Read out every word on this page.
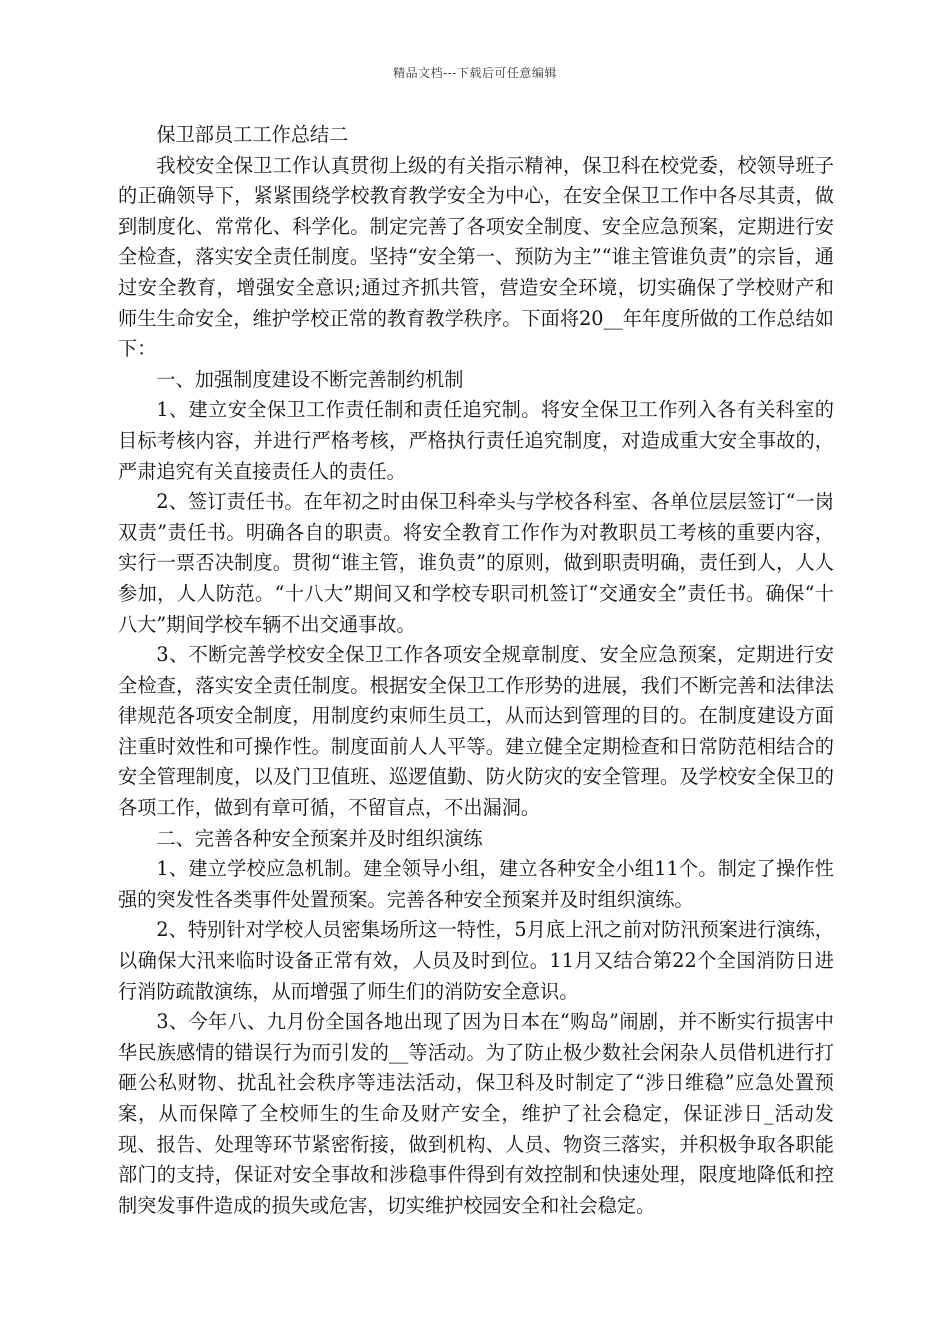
精品文档---下载后可任意编辑

保卫部员工工作总结二

我校安全保卫工作认真贯彻上级的有关指示精神，保卫科在校党委，校领导班子的正确领导下，紧紧围绕学校教育教学安全为中心，在安全保卫工作中各尽其责，做到制度化、常常化、科学化。制定完善了各项安全制度、安全应急预案，定期进行安全检查，落实安全责任制度。坚持“安全第一、预防为主”“谁主管谁负责”的宗旨，通过安全教育，增强安全意识;通过齐抓共管，营造安全环境，切实确保了学校财产和师生生命安全，维护学校正常的教育教学秩序。下面将20__年年度所做的工作总结如下：

一、加强制度建设不断完善制约机制

1、建立安全保卫工作责任制和责任追究制。将安全保卫工作列入各有关科室的目标考核内容，并进行严格考核，严格执行责任追究制度，对造成重大安全事故的，严肃追究有关直接责任人的责任。

2、签订责任书。在年初之时由保卫科牵头与学校各科室、各单位层层签订“一岗双责”责任书。明确各自的职责。将安全教育工作作为对教职员工考核的重要内容，实行一票否决制度。贯彻“谁主管，谁负责”的原则，做到职责明确，责任到人，人人参加，人人防范。“十八大”期间又和学校专职司机签订“交通安全”责任书。确保“十八大”期间学校车辆不出交通事故。

3、不断完善学校安全保卫工作各项安全规章制度、安全应急预案，定期进行安全检查，落实安全责任制度。根据安全保卫工作形势的进展，我们不断完善和法律法律规范各项安全制度，用制度约束师生员工，从而达到管理的目的。在制度建设方面注重时效性和可操作性。制度面前人人平等。建立健全定期检查和日常防范相结合的安全管理制度，以及门卫值班、巡逻值勤、防火防灾的安全管理。及学校安全保卫的各项工作，做到有章可循，不留盲点，不出漏洞。

二、完善各种安全预案并及时组织演练

1、建立学校应急机制。建全领导小组，建立各种安全小组11个。制定了操作性强的突发性各类事件处置预案。完善各种安全预案并及时组织演练。

2、特别针对学校人员密集场所这一特性，5月底上汛之前对防汛预案进行演练，以确保大汛来临时设备正常有效，人员及时到位。11月又结合第22个全国消防日进行消防疏散演练，从而增强了师生们的消防安全意识。

3、今年八、九月份全国各地出现了因为日本在“购岛”闹剧，并不断实行损害中华民族感情的错误行为而引发的__等活动。为了防止极少数社会闲杂人员借机进行打砸公私财物、扰乱社会秩序等违法活动，保卫科及时制定了“涉日维稳”应急处置预案，从而保障了全校师生的生命及财产安全，维护了社会稳定，保证涉日_活动发现、报告、处理等环节紧密衔接，做到机构、人员、物资三落实，并积极争取各职能部门的支持，保证对安全事故和涉稳事件得到有效控制和快速处理，限度地降低和控制突发事件造成的损失或危害，切实维护校园安全和社会稳定。
